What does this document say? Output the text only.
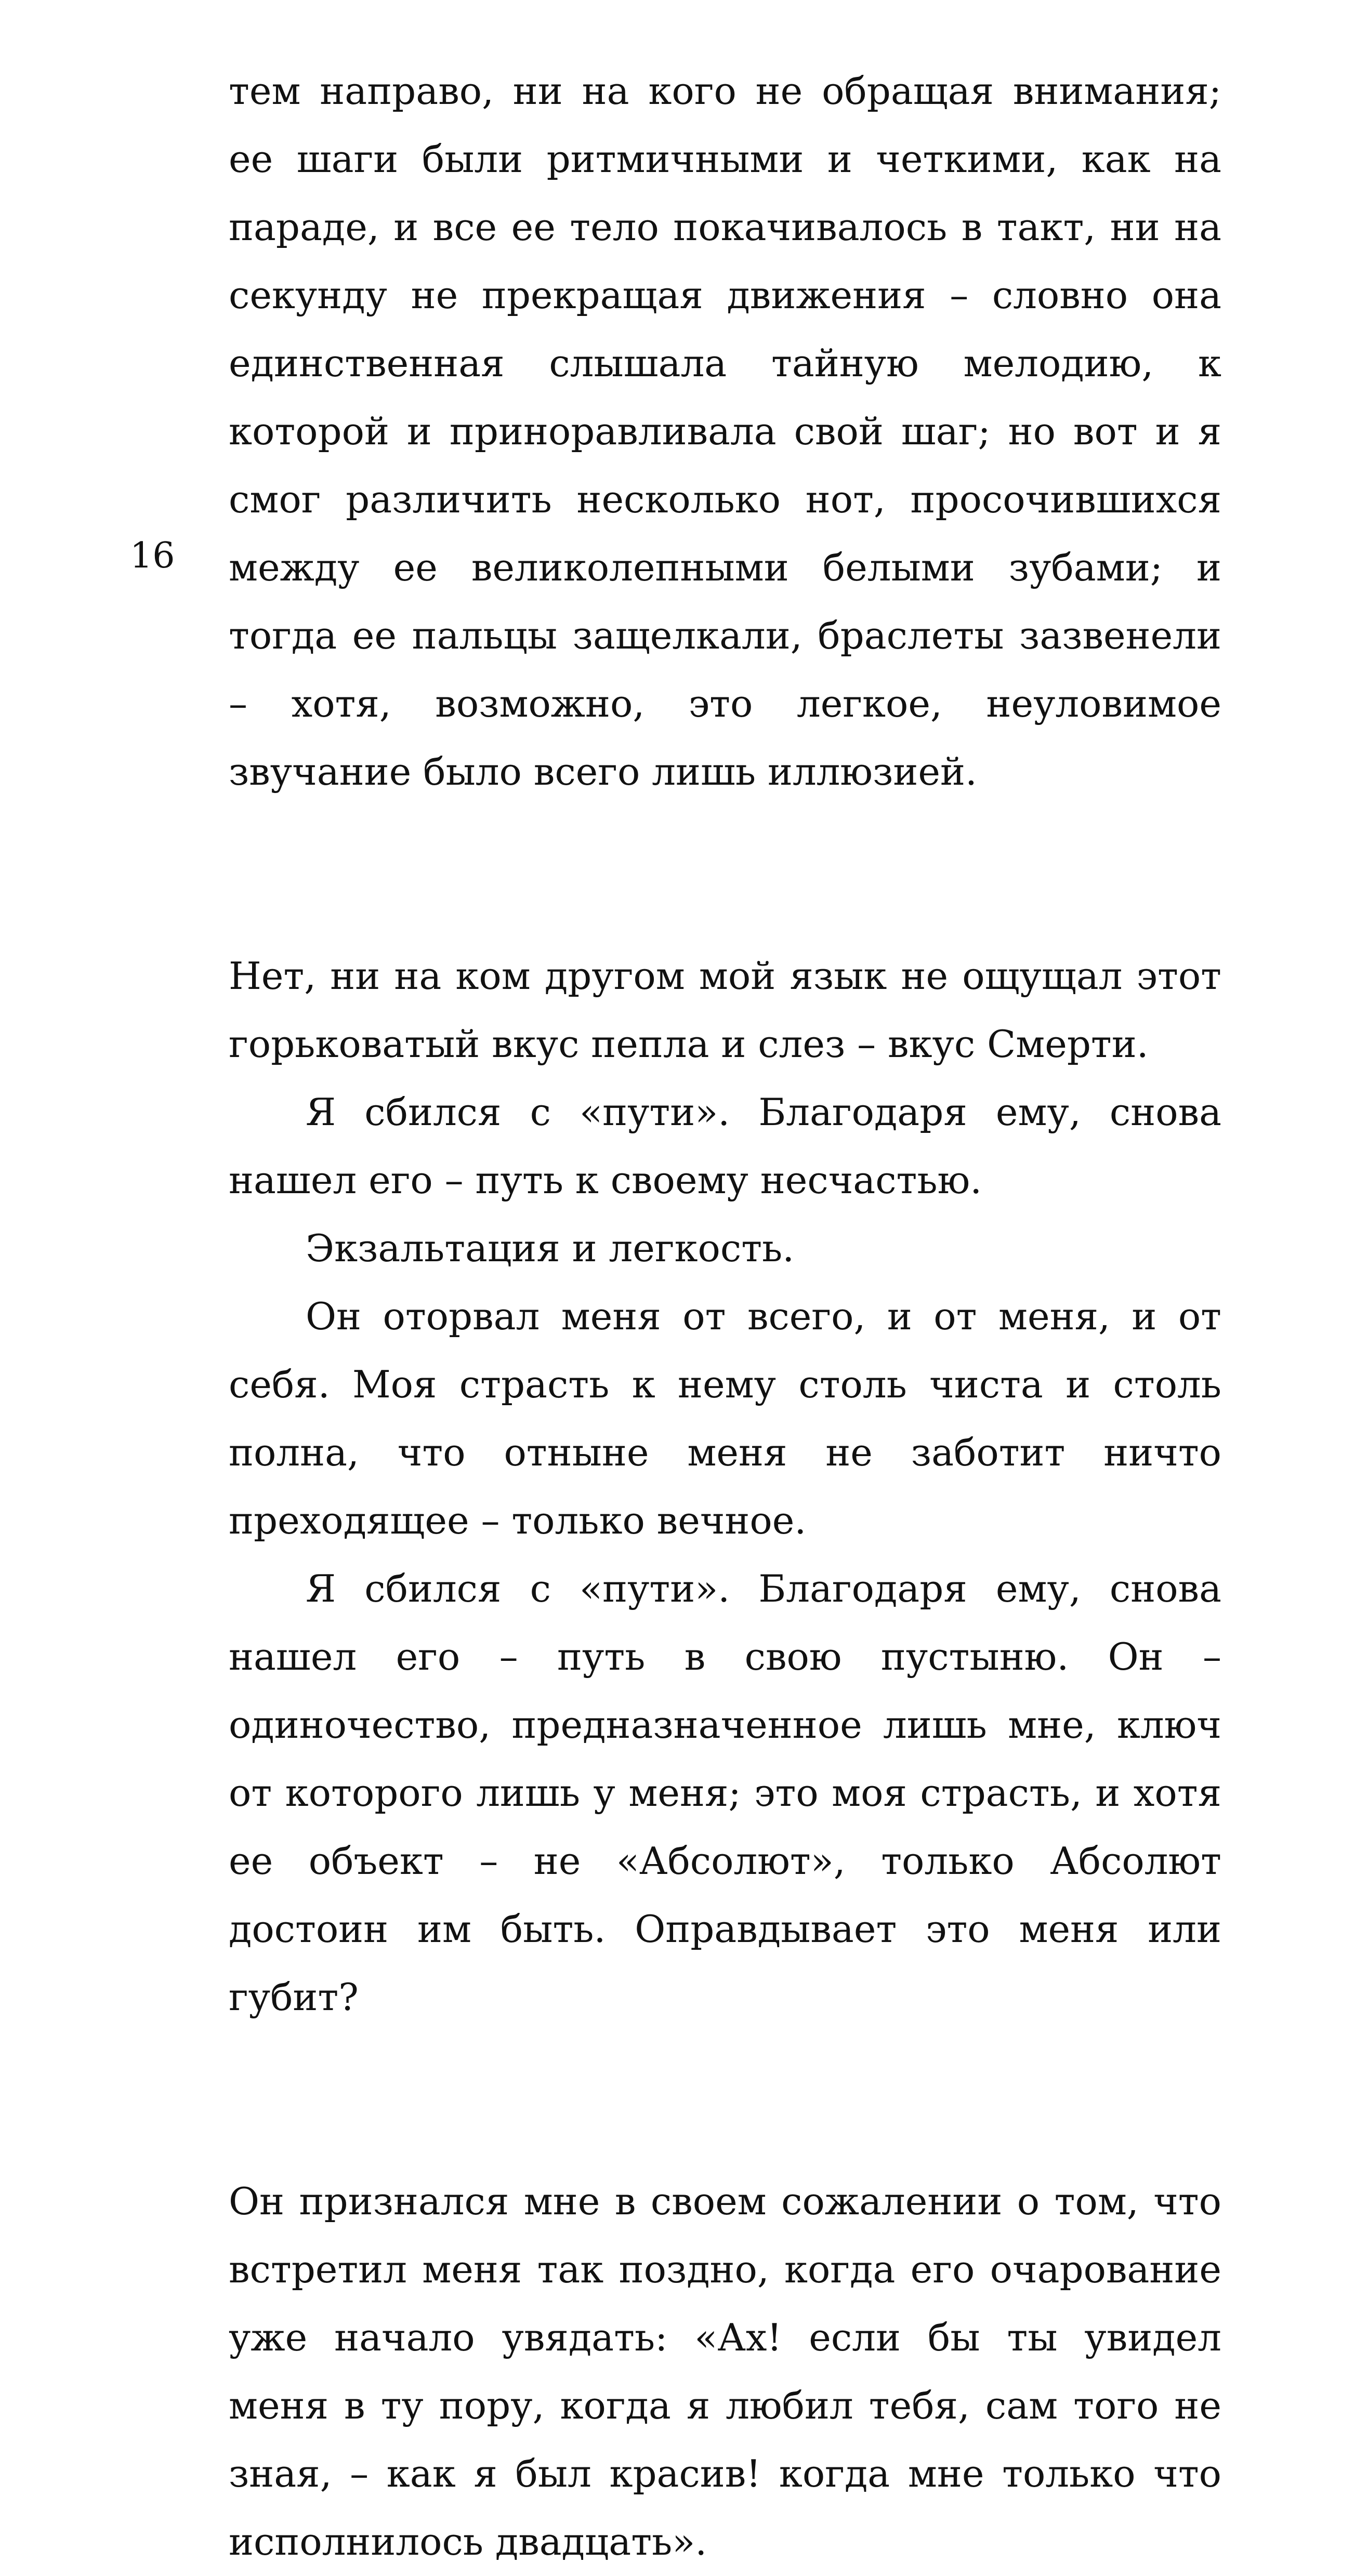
16

тем направо, ни на кого не обращая внимания; ее шаги были ритмичными и четкими, как на параде, и все ее тело покачивалось в такт, ни на секунду не прекращая движения – словно она единственная слышала тайную мелодию, к которой и приноравливала свой шаг; но вот и я смог различить несколько нот, просочившихся между ее великолепными белыми зубами; и тогда ее пальцы защелкали, браслеты зазвенели – хотя, возможно, это легкое, неуловимое звучание было всего лишь иллюзией.

Нет, ни на ком другом мой язык не ощущал этот горьковатый вкус пепла и слез – вкус Смерти.

Я сбился с «пути». Благодаря ему, снова нашел его – путь к своему несчастью.

Экзальтация и легкость.

Он оторвал меня от всего, и от меня, и от себя. Моя страсть к нему столь чиста и столь полна, что отныне меня не заботит ничто преходящее – только вечное.

Я сбился с «пути». Благодаря ему, снова нашел его – путь в свою пустыню. Он – одиночество, предназначенное лишь мне, ключ от которого лишь у меня; это моя страсть, и хотя ее объект – не «Абсолют», только Абсолют достоин им быть. Оправдывает это меня или губит?

Он признался мне в своем сожалении о том, что встретил меня так поздно, когда его очарование уже начало увядать: «Ах! если бы ты увидел меня в ту пору, когда я любил тебя, сам того не зная, – как я был красив! когда мне только что исполнилось двадцать».
